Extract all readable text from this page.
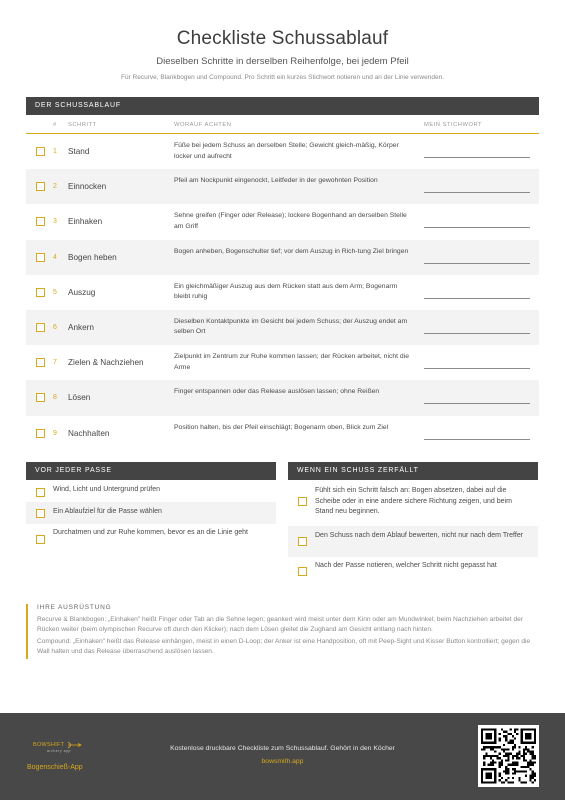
Checkliste Schussablauf
Dieselben Schritte in derselben Reihenfolge, bei jedem Pfeil
Für Recurve, Blankbogen und Compound. Pro Schritt ein kurzes Stichwort notieren und an der Linie verwenden.
DER SCHUSSABLAUF
# SCHRITT	WORAUF ACHTEN	MEIN STICHWORT
1 Stand
Füße bei jedem Schuss an derselben Stelle; Gewicht gleich-mäßig, Körper locker und aufrecht
2 Einnocken
Pfeil am Nockpunkt eingenockt, Leitfeder in der gewohnten Position
3 Einhaken
Sehne greifen (Finger oder Release); lockere Bogenhand an derselben Stelle am Griff
4 Bogen heben
Bogen anheben, Bogenschulter tief; vor dem Auszug in Rich-tung Ziel bringen
5 Auszug
Ein gleichmäßiger Auszug aus dem Rücken statt aus dem Arm; Bogenarm bleibt ruhig
6 Ankern
Dieselben Kontaktpunkte im Gesicht bei jedem Schuss; der Auszug endet am selben Ort
7 Zielen & Nachziehen
Zielpunkt im Zentrum zur Ruhe kommen lassen; der Rücken arbeitet, nicht die Arme
8 Lösen
Finger entspannen oder das Release auslösen lassen; ohne Reißen
9 Nachhalten
Position halten, bis der Pfeil einschlägt; Bogenarm oben, Blick zum Ziel
VOR JEDER PASSE
Wind, Licht und Untergrund prüfen
Ein Ablaufziel für die Passe wählen
Durchatmen und zur Ruhe kommen, bevor es an die Linie geht
WENN EIN SCHUSS ZERFÄLLT
Fühlt sich ein Schritt falsch an: Bogen absetzen, dabei auf die Scheibe oder in eine andere sichere Richtung zeigen, und beim Stand neu beginnen.
Den Schuss nach dem Ablauf bewerten, nicht nur nach dem Treffer
Nach der Passe notieren, welcher Schritt nicht gepasst hat
IHRE AUSRÜSTUNG

Recurve & Blankbogen: „Einhaken" heißt Finger oder Tab an die Sehne legen; geankert wird meist unter dem Kinn oder am Mundwinkel; beim Nachziehen arbeitet der Rücken weiter (beim olympischen Recurve oft durch den Klicker); nach dem Lösen gleitet die Zughand am Gesicht entlang nach hinten.

Compound: „Einhaken" heißt das Release einhängen, meist in einen D-Loop; der Anker ist eine Handposition, oft mit Peep-Sight und Kisser Button kontrolliert; gegen die Wall halten und das Release überraschend auslösen lassen.

BOWSHIFT
archery app
Bogenschieß-App
Kostenlose druckbare Checkliste zum Schussablauf. Gehört in den Köcher
bowsmith.app
